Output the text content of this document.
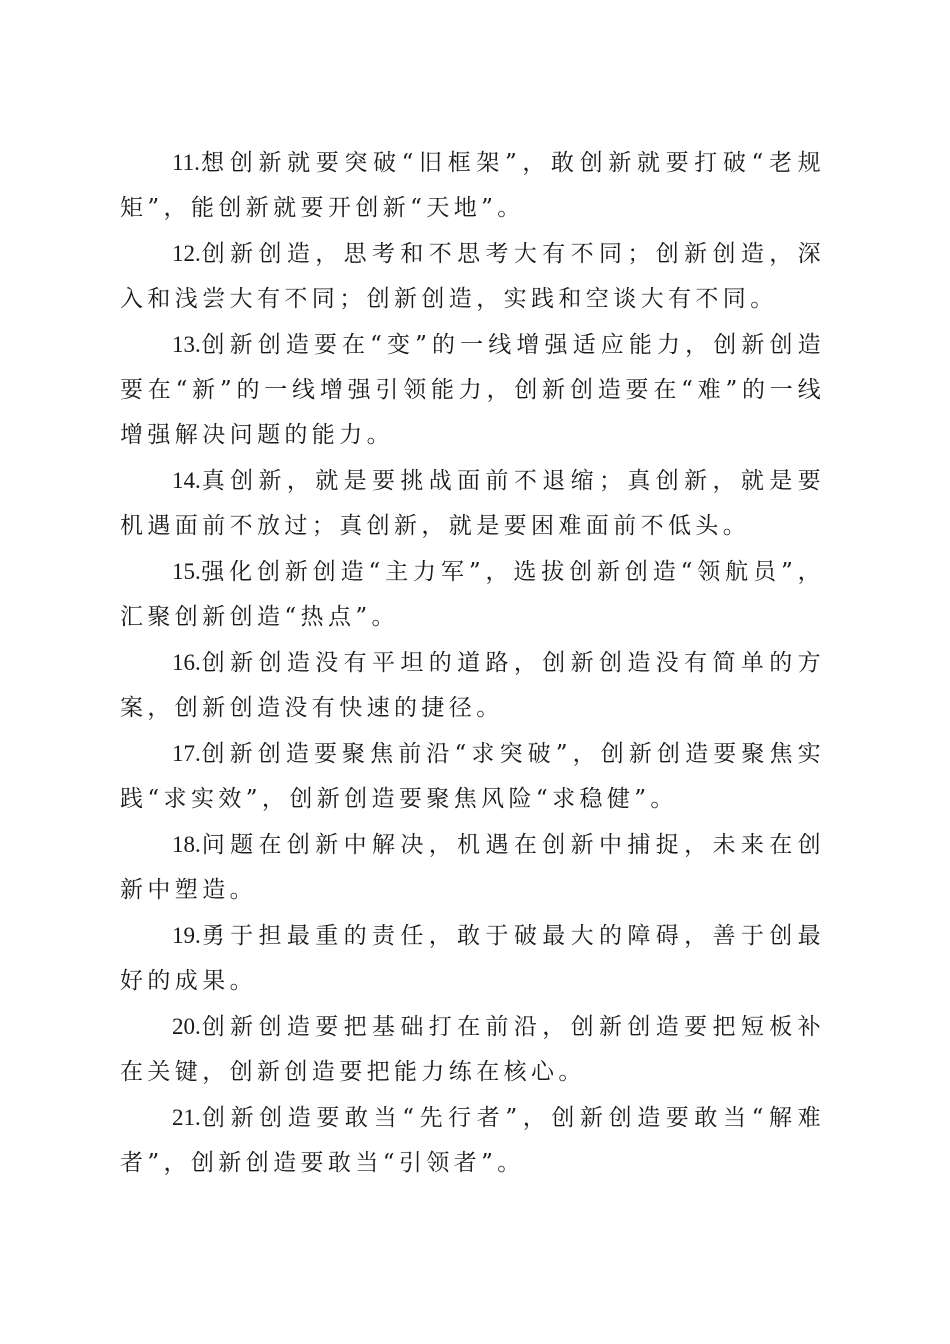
11.想创新就要突破“旧框架”，敢创新就要打破“老规矩”，能创新就要开创新“天地”。

12.创新创造，思考和不思考大有不同；创新创造，深入和浅尝大有不同；创新创造，实践和空谈大有不同。

13.创新创造要在“变”的一线增强适应能力，创新创造要在“新”的一线增强引领能力，创新创造要在“难”的一线增强解决问题的能力。

14.真创新，就是要挑战面前不退缩；真创新，就是要机遇面前不放过；真创新，就是要困难面前不低头。

15.强化创新创造“主力军”，选拔创新创造“领航员”，汇聚创新创造“热点”。

16.创新创造没有平坦的道路，创新创造没有简单的方案，创新创造没有快速的捷径。

17.创新创造要聚焦前沿“求突破”，创新创造要聚焦实践“求实效”，创新创造要聚焦风险“求稳健”。

18.问题在创新中解决，机遇在创新中捕捉，未来在创新中塑造。

19.勇于担最重的责任，敢于破最大的障碍，善于创最好的成果。

20.创新创造要把基础打在前沿，创新创造要把短板补在关键，创新创造要把能力练在核心。

21.创新创造要敢当“先行者”，创新创造要敢当“解难者”，创新创造要敢当“引领者”。
